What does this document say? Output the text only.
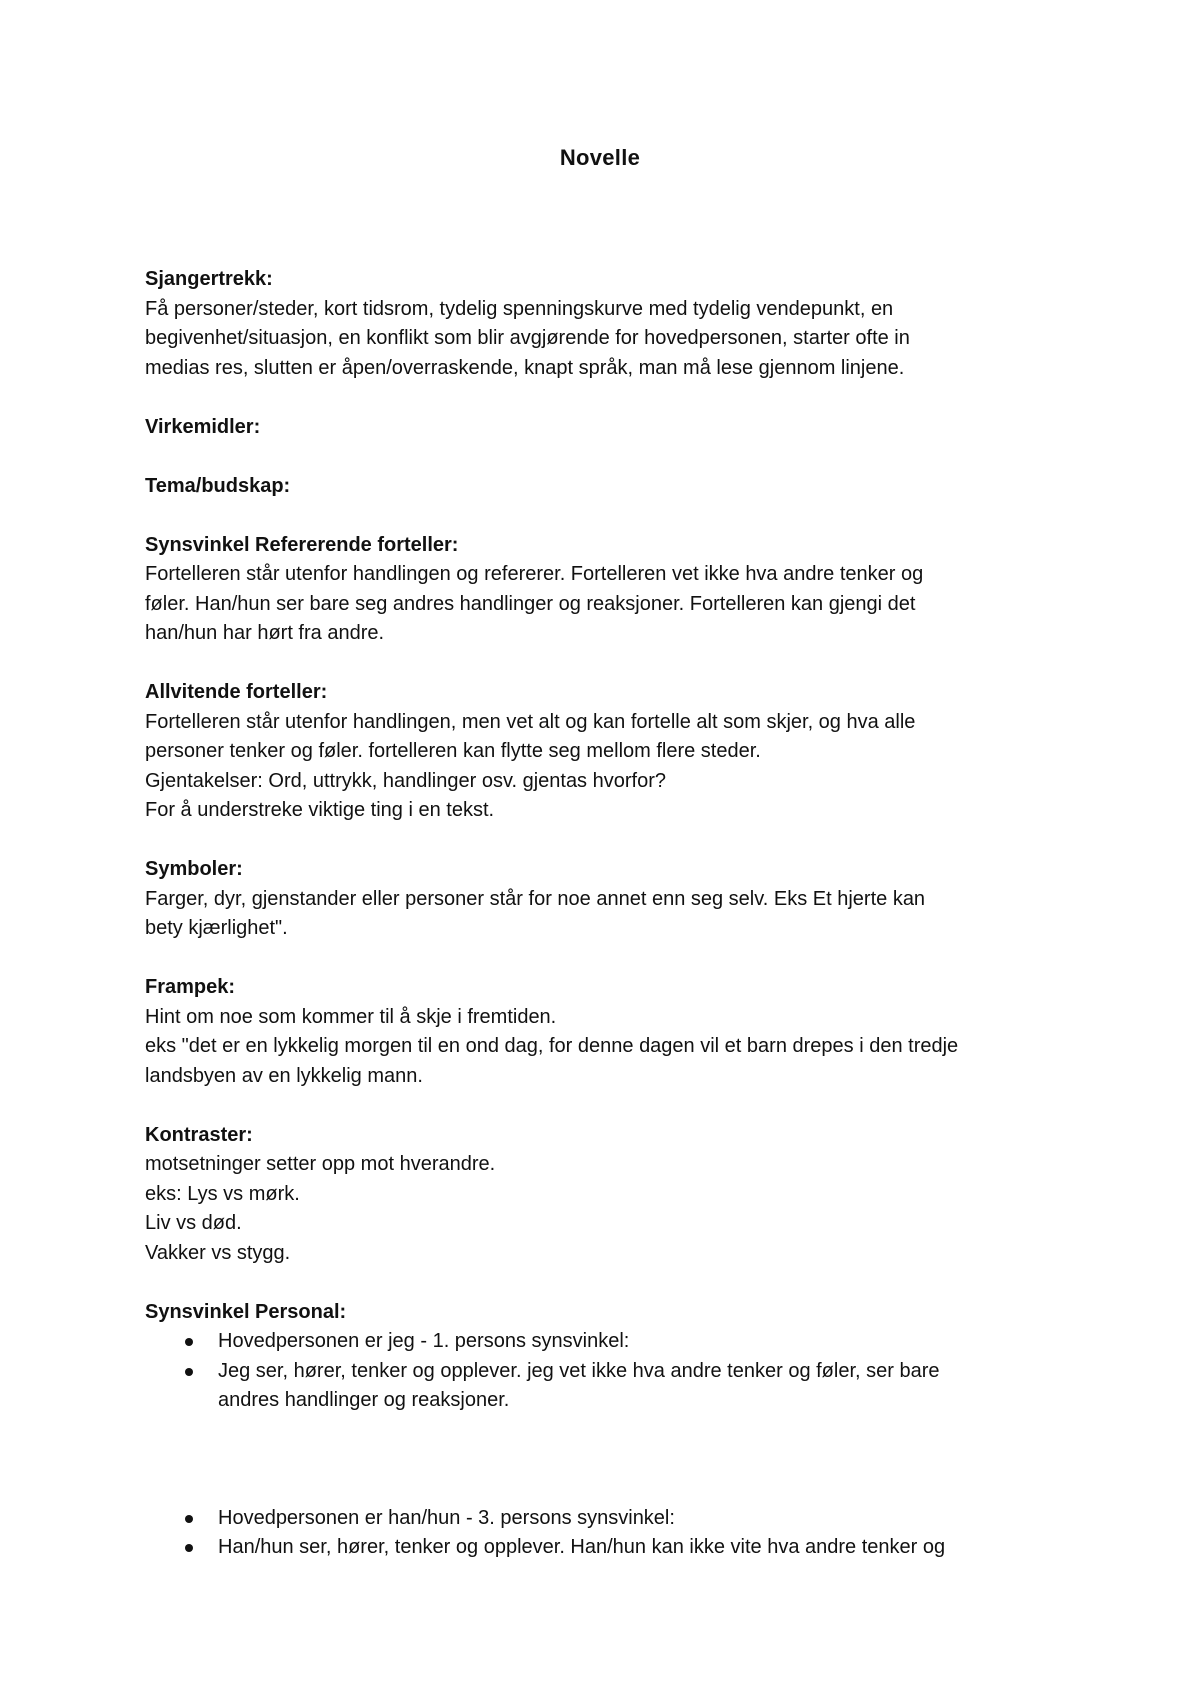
Novelle

Sjangertrekk:

Få personer/steder, kort tidsrom, tydelig spenningskurve med tydelig vendepunkt, en

begivenhet/situasjon, en konflikt som blir avgjørende for hovedpersonen, starter ofte in

medias res, slutten er åpen/overraskende, knapt språk, man må lese gjennom linjene.

Virkemidler:

Tema/budskap:

Synsvinkel Refererende forteller:

Fortelleren står utenfor handlingen og refererer. Fortelleren vet ikke hva andre tenker og

føler. Han/hun ser bare seg andres handlinger og reaksjoner. Fortelleren kan gjengi det

han/hun har hørt fra andre.

Allvitende forteller:

Fortelleren står utenfor handlingen, men vet alt og kan fortelle alt som skjer, og hva alle

personer tenker og føler. fortelleren kan flytte seg mellom flere steder.

Gjentakelser: Ord, uttrykk, handlinger osv. gjentas hvorfor?

For å understreke viktige ting i en tekst.

Symboler:

Farger, dyr, gjenstander eller personer står for noe annet enn seg selv. Eks Et hjerte kan

bety kjærlighet".

Frampek:

Hint om noe som kommer til å skje i fremtiden.

eks "det er en lykkelig morgen til en ond dag, for denne dagen vil et barn drepes i den tredje

landsbyen av en lykkelig mann.

Kontraster:

motsetninger setter opp mot hverandre.

eks: Lys vs mørk.

Liv vs død.

Vakker vs stygg.

Synsvinkel Personal:

Hovedpersonen er jeg - 1. persons synsvinkel:
Jeg ser, hører, tenker og opplever. jeg vet ikke hva andre tenker og føler, ser bare
andres handlinger og reaksjoner.
Hovedpersonen er han/hun - 3. persons synsvinkel:
Han/hun ser, hører, tenker og opplever. Han/hun kan ikke vite hva andre tenker og
